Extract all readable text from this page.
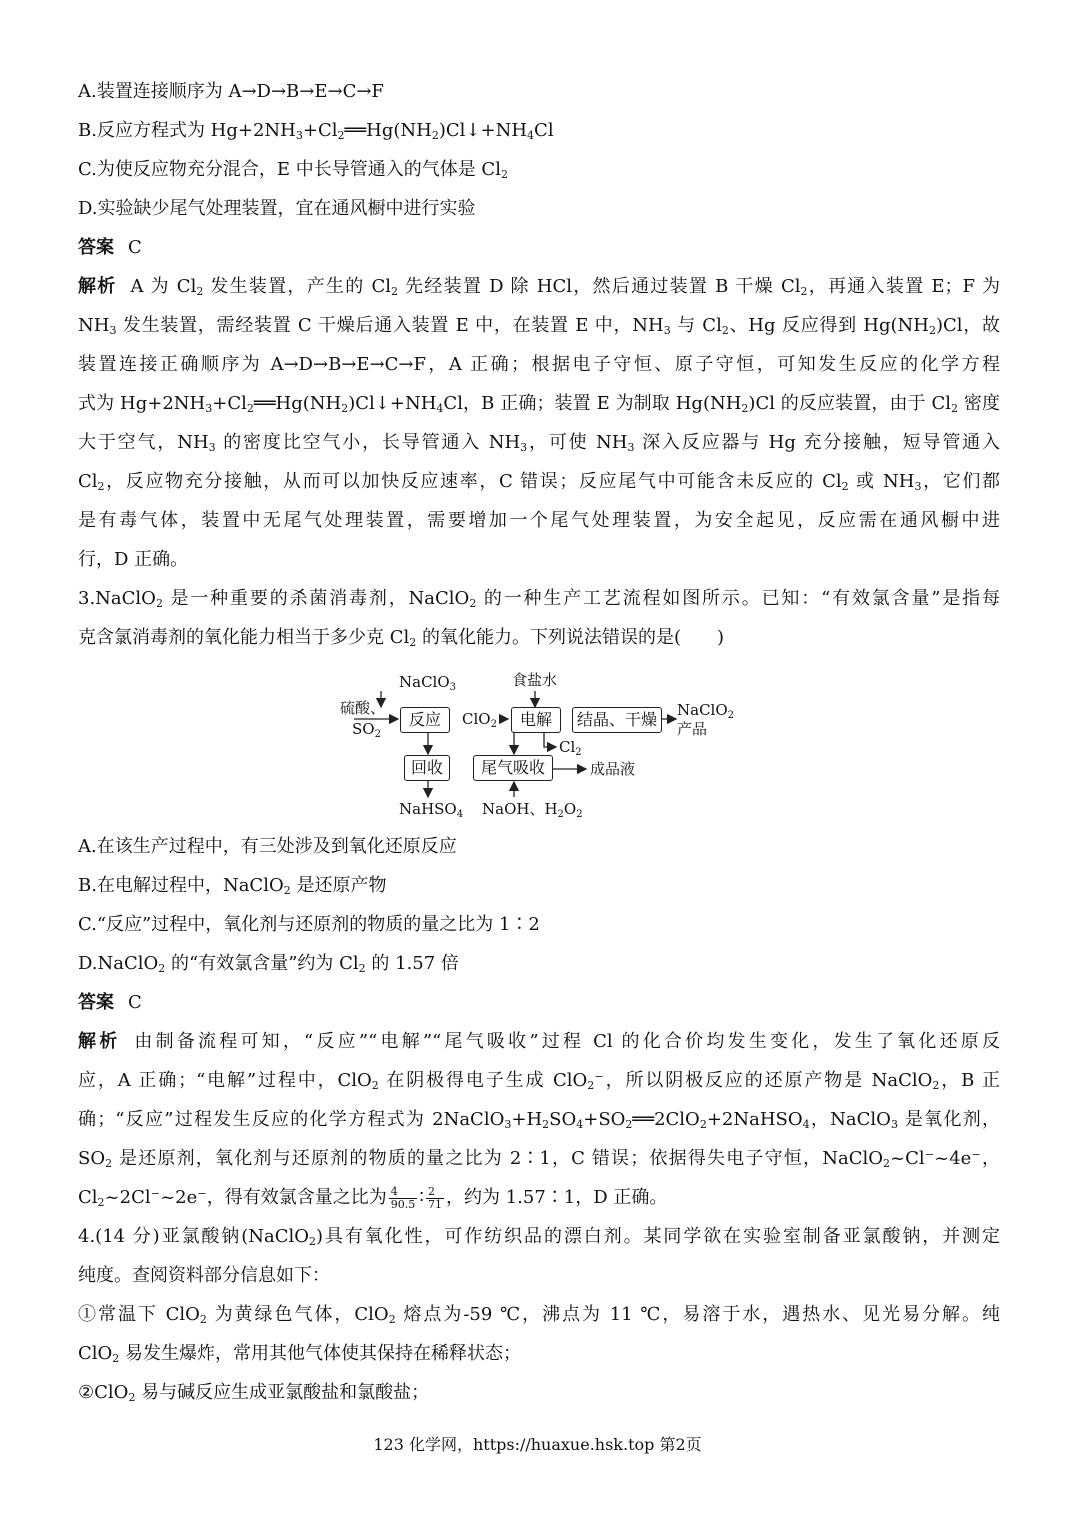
A.装置连接顺序为 A→D→B→E→C→F
B.反应方程式为 $Hg+2NH_3+Cl_2══Hg(NH_2)Cl↓+NH_4Cl$
C.为使反应物充分混合，E 中长导管通入的气体是 $Cl_2$
D.实验缺少尾气处理装置，宜在通风橱中进行实验
答案 C
解析 A 为 $Cl_2$ 发生装置，产生的 $Cl_2$ 先经装置 D 除 HCl，然后通过装置 B 干燥 $Cl_2$，再通入装置 E；F 为
$NH_3$ 发生装置，需经装置 C 干燥后通入装置 E 中，在装置 E 中，$NH_3$ 与 $Cl_2$、Hg 反应得到 $Hg(NH_2)Cl$，故
装置连接正确顺序为 A→D→B→E→C→F，A 正确；根据电子守恒、原子守恒，可知发生反应的化学方程
式为 $Hg+2NH_3+Cl_2══Hg(NH_2)Cl↓+NH_4Cl$，B 正确；装置 E 为制取 $Hg(NH_2)Cl$ 的反应装置，由于 $Cl_2$ 密度
大于空气，$NH_3$ 的密度比空气小，长导管通入 $NH_3$，可使 $NH_3$ 深入反应器与 Hg 充分接触，短导管通入
$Cl_2$，反应物充分接触，从而可以加快反应速率，C 错误；反应尾气中可能含未反应的 $Cl_2$ 或 $NH_3$，它们都
是有毒气体，装置中无尾气处理装置，需要增加一个尾气处理装置，为安全起见，反应需在通风橱中进
行，D 正确。
3.NaClO$_2$ 是一种重要的杀菌消毒剂，NaClO$_2$ 的一种生产工艺流程如图所示。已知：“有效氯含量”是指每
克含氯消毒剂的氧化能力相当于多少克 $Cl_2$ 的氧化能力。下列说法错误的是(　　)
NaClO$_3$	食盐水
硫酸、
$SO_2$
反应	ClO$_2$	电解	结晶、干燥	NaClO$_2$
产品
$Cl_2$
回收	尾气吸收	成品液
NaHSO$_4$ NaOH、$H_2O_2$
A.在该生产过程中，有三处涉及到氧化还原反应
B.在电解过程中，NaClO$_2$ 是还原产物
C.“反应”过程中，氧化剂与还原剂的物质的量之比为 1∶2
D.NaClO$_2$ 的“有效氯含量”约为 $Cl_2$ 的 1.57 倍
答案 C
解析 由制备流程可知，“反应”“电解”“尾气吸收”过程 Cl 的化合价均发生变化，发生了氧化还原反
应，A 正确；“电解”过程中，ClO$_2$ 在阴极得电子生成 ClO$_2$⁻，所以阴极反应的还原产物是 NaClO$_2$，B 正
确；“反应”过程发生反应的化学方程式为 $2NaClO_3+H_2SO_4+SO_2══2ClO_2+2NaHSO_4$，NaClO$_3$ 是氧化剂，
$SO_2$ 是还原剂，氧化剂与还原剂的物质的量之比为 2∶1，C 错误；依据得失电子守恒，NaClO$_2$~Cl⁻~4e⁻，
$Cl_2\sim 2Cl^-\sim 2e^-$，得有效氯含量之比为 $\frac{4}{90.5}$ ∶ $\frac{2}{71}$ ，约为 1.57∶1，D 正确。
4.(14 分)亚氯酸钠(NaClO$_2$)具有氧化性，可作纺织品的漂白剂。某同学欲在实验室制备亚氯酸钠，并测定
纯度。查阅资料部分信息如下：
①常温下 ClO$_2$ 为黄绿色气体，ClO$_2$ 熔点为-59 ℃，沸点为 11 ℃，易溶于水，遇热水、见光易分解。纯
ClO$_2$ 易发生爆炸，常用其他气体使其保持在稀释状态；
②ClO$_2$ 易与碱反应生成亚氯酸盐和氯酸盐；
123 化学网，https://huaxue.hsk.top 第2页
